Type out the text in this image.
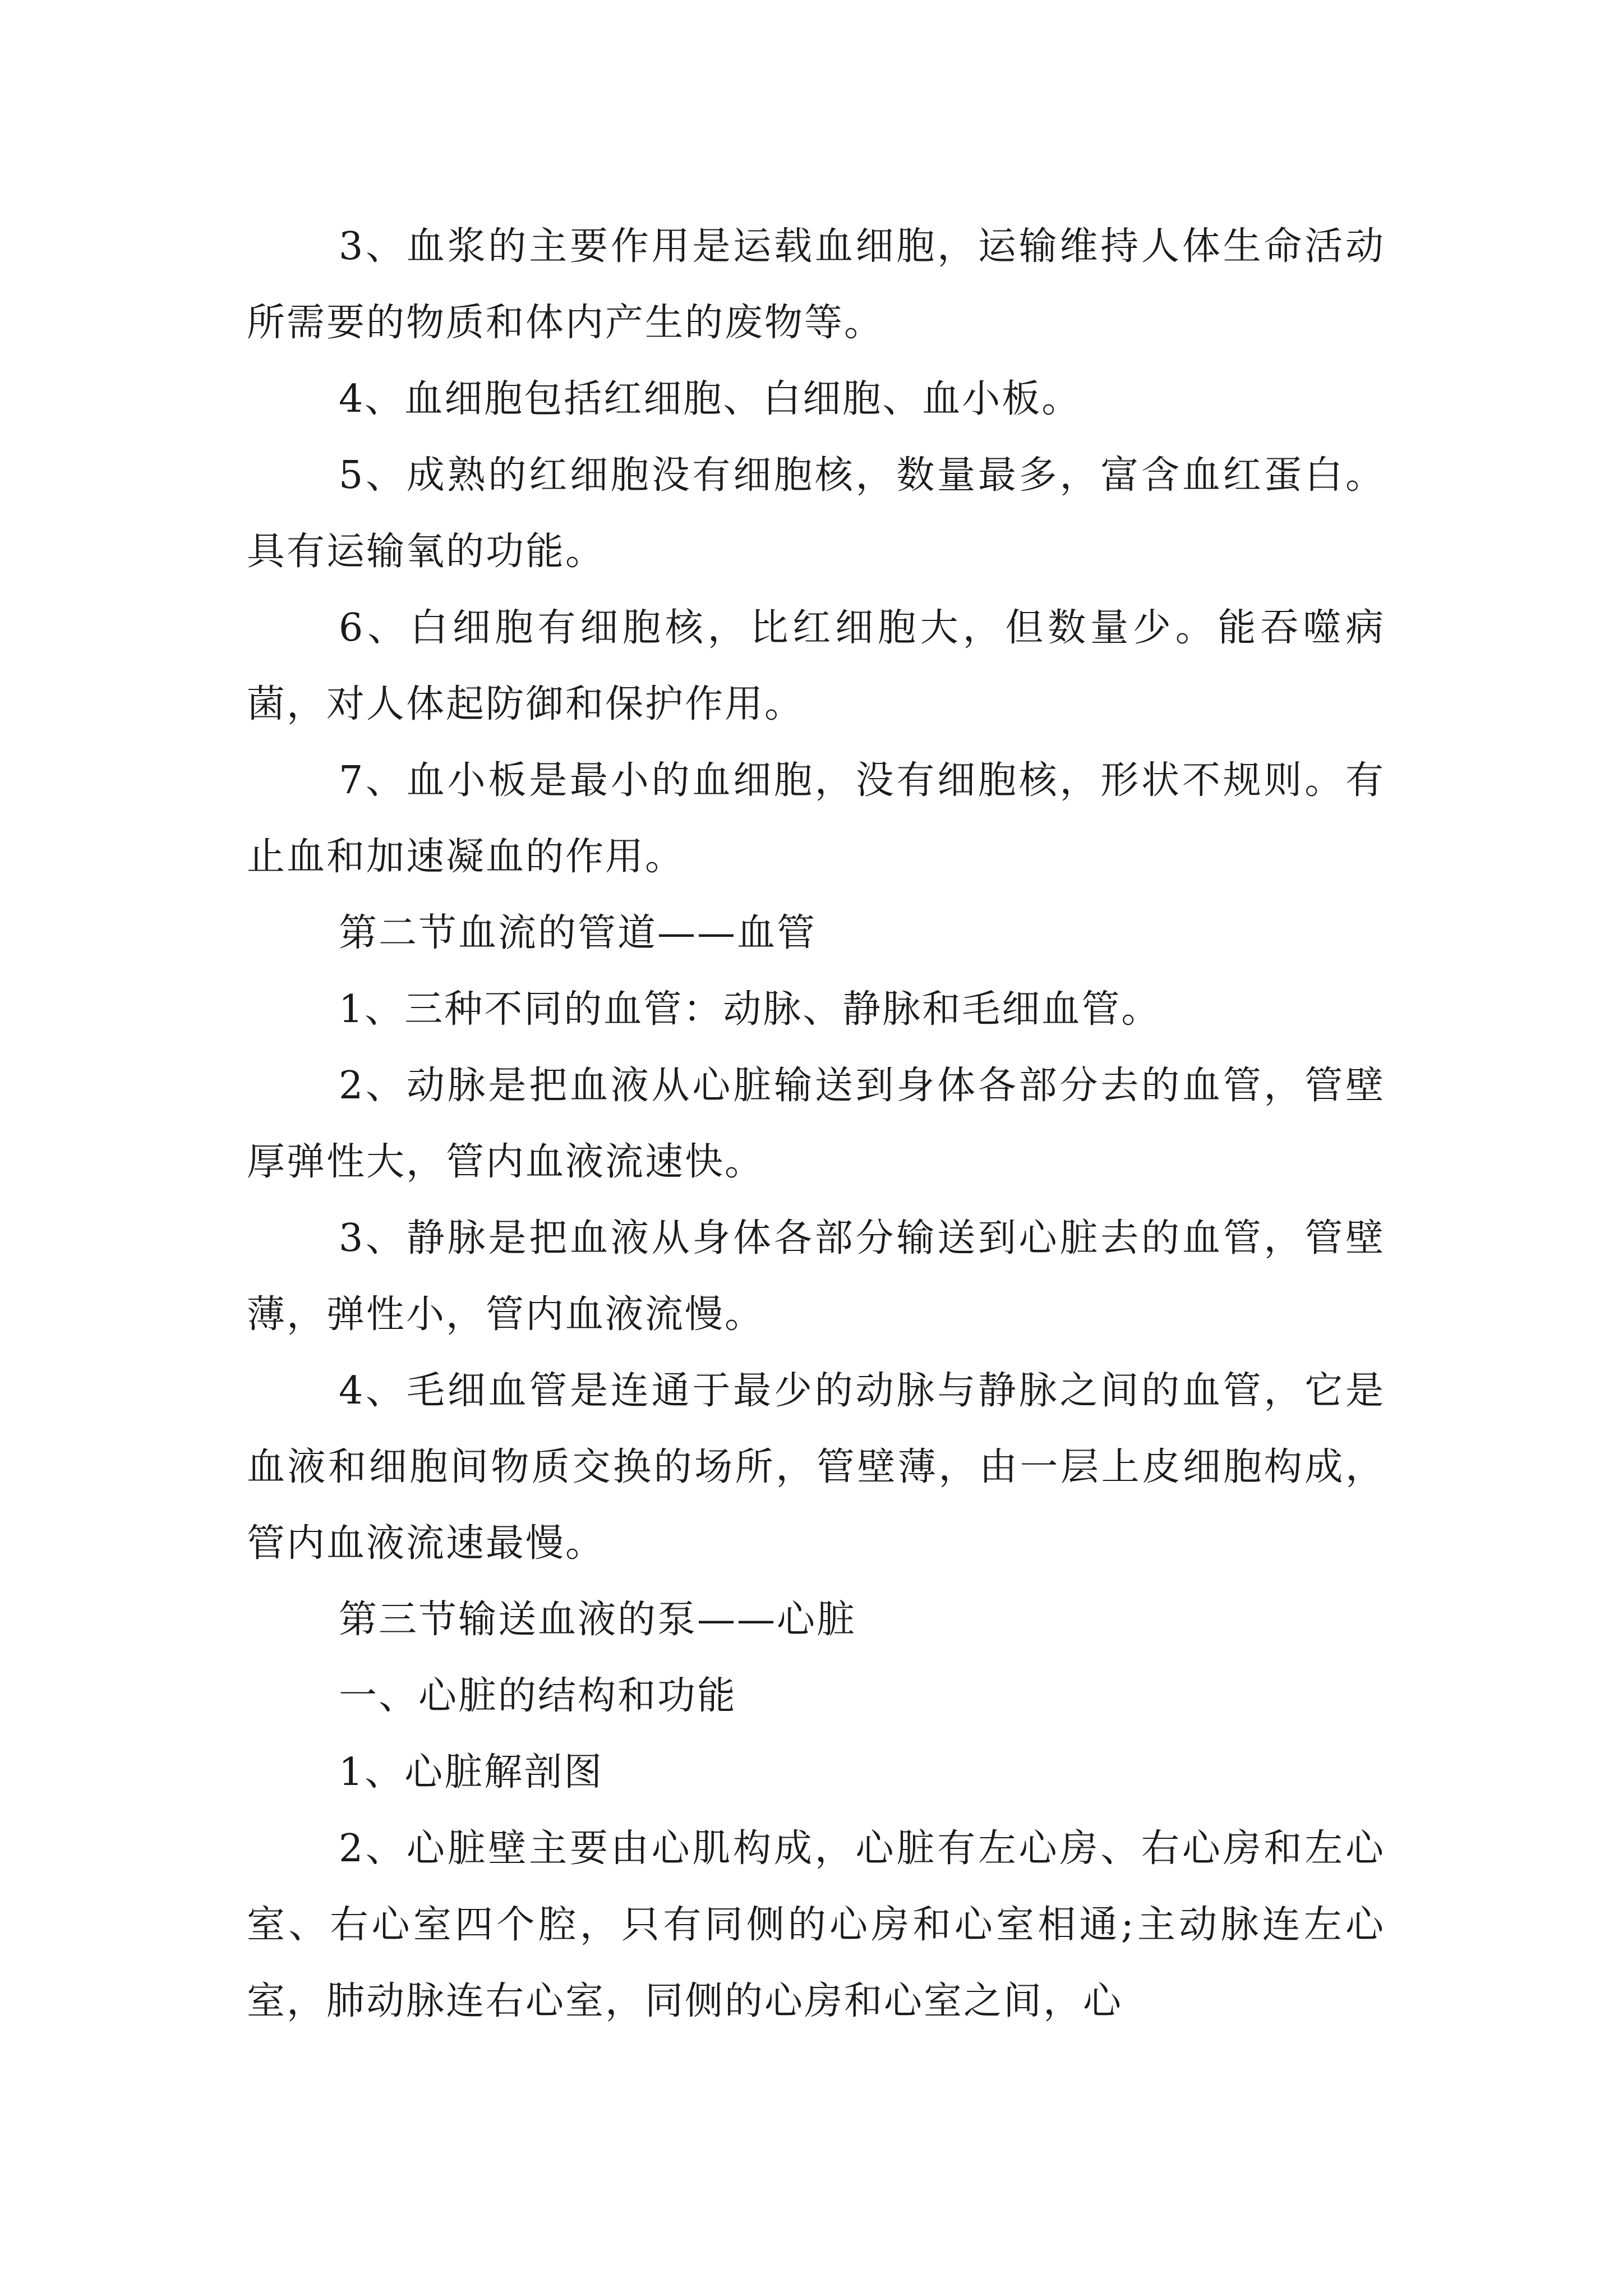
3、血浆的主要作用是运载血细胞，运输维持人体生命活动所需要的物质和体内产生的废物等。

4、血细胞包括红细胞、白细胞、血小板。

5、成熟的红细胞没有细胞核，数量最多，富含血红蛋白。具有运输氧的功能。

6、白细胞有细胞核，比红细胞大，但数量少。能吞噬病菌，对人体起防御和保护作用。

7、血小板是最小的血细胞，没有细胞核，形状不规则。有止血和加速凝血的作用。

第二节血流的管道——血管

1、三种不同的血管：动脉、静脉和毛细血管。

2、动脉是把血液从心脏输送到身体各部分去的血管，管壁厚弹性大，管内血液流速快。

3、静脉是把血液从身体各部分输送到心脏去的血管，管壁薄，弹性小，管内血液流慢。

4、毛细血管是连通于最少的动脉与静脉之间的血管，它是血液和细胞间物质交换的场所，管壁薄，由一层上皮细胞构成，管内血液流速最慢。

第三节输送血液的泵——心脏

一、心脏的结构和功能

1、心脏解剖图

2、心脏壁主要由心肌构成，心脏有左心房、右心房和左心室、右心室四个腔，只有同侧的心房和心室相通;主动脉连左心室，肺动脉连右心室，同侧的心房和心室之间，心
